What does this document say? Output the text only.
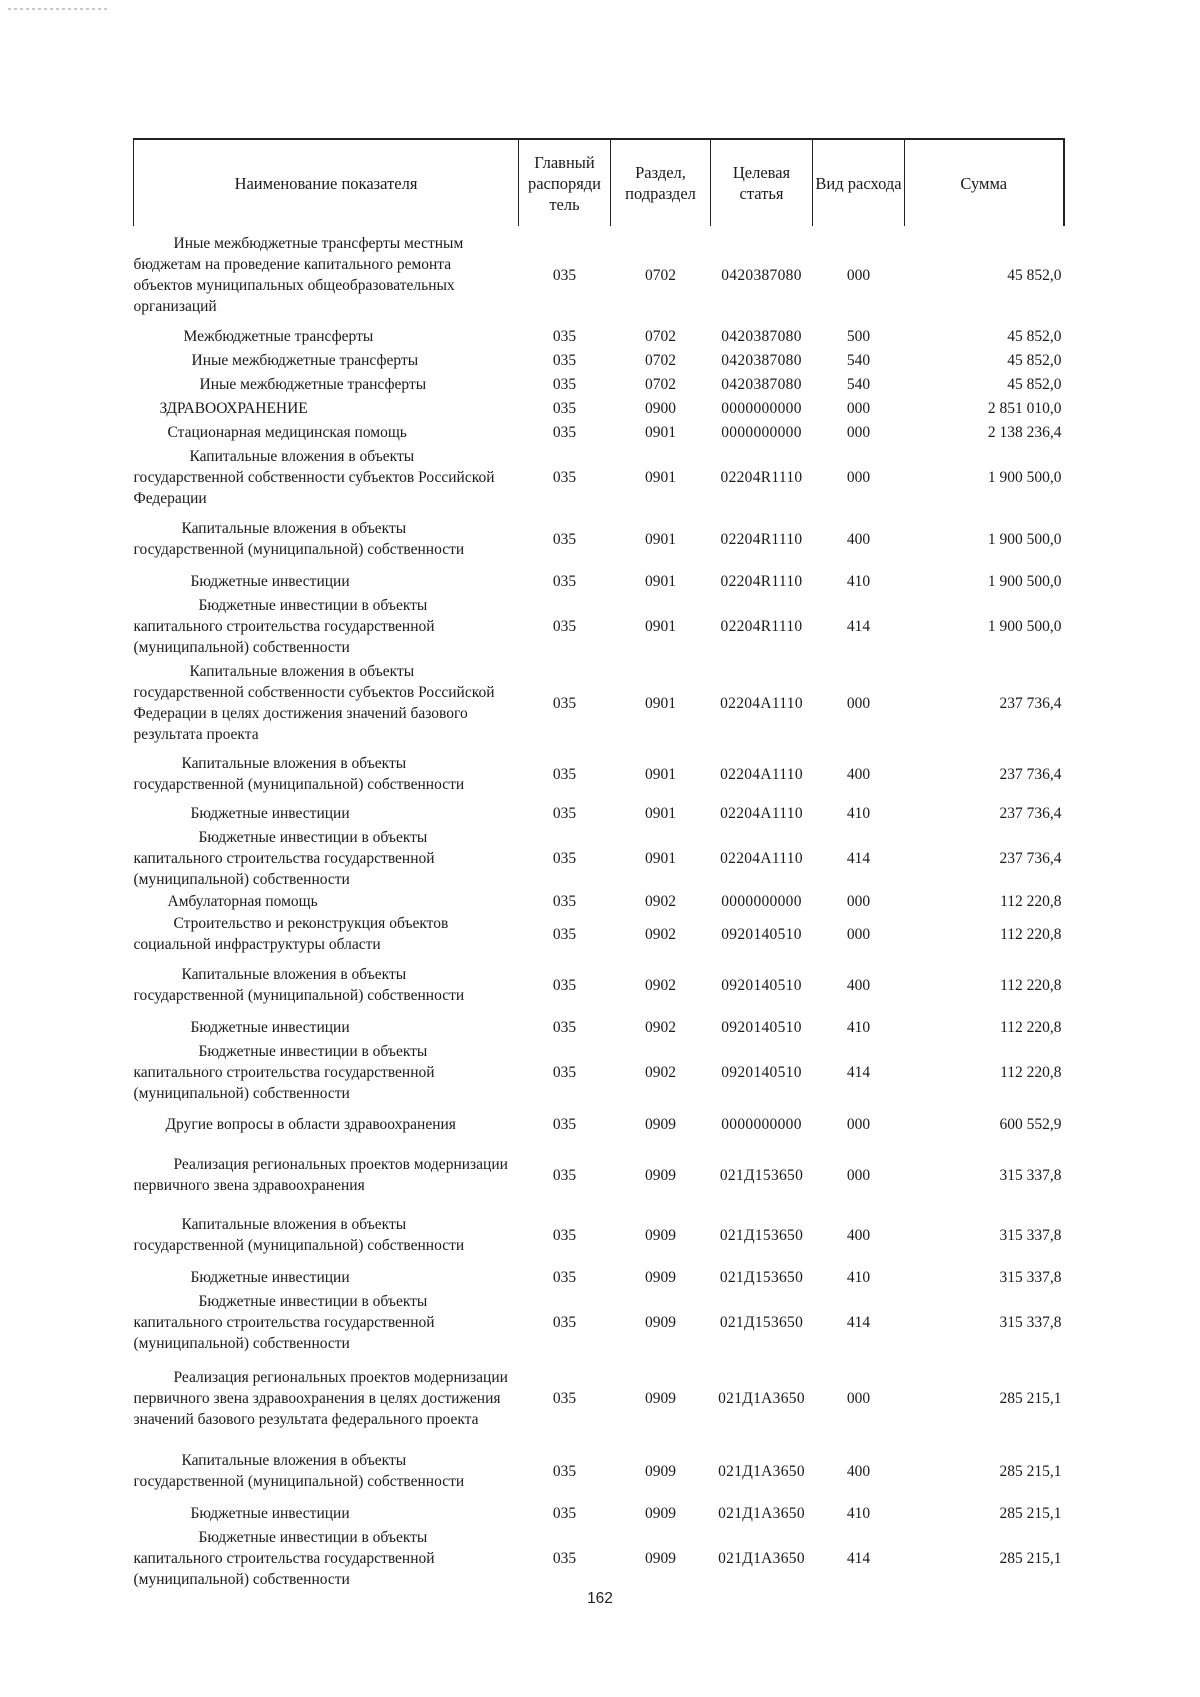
Наименование показателя	Главный распоряди тель	Раздел, подраздел	Целевая статья	Вид расхода	Сумма

Иные межбюджетные трансферты местным бюджетам на проведение капитального ремонта объектов муниципальных общеобразовательных организаций	035	0702	0420387080	000	45 852,0

Межбюджетные трансферты	035	0702	0420387080	500	45 852,0

Иные межбюджетные трансферты	035	0702	0420387080	540	45 852,0

Иные межбюджетные трансферты	035	0702	0420387080	540	45 852,0

ЗДРАВООХРАНЕНИЕ	035	0900	0000000000	000	2 851 010,0

Стационарная медицинская помощь	035	0901	0000000000	000	2 138 236,4

Капитальные вложения в объекты государственной собственности субъектов Российской Федерации	035	0901	02204R1110	000	1 900 500,0

Капитальные вложения в объекты государственной (муниципальной) собственности	035	0901	02204R1110	400	1 900 500,0

Бюджетные инвестиции	035	0901	02204R1110	410	1 900 500,0

Бюджетные инвестиции в объекты капитального строительства государственной (муниципальной) собственности	035	0901	02204R1110	414	1 900 500,0

Капитальные вложения в объекты государственной собственности субъектов Российской Федерации в целях достижения значений базового результата проекта	035	0901	02204A1110	000	237 736,4

Капитальные вложения в объекты государственной (муниципальной) собственности	035	0901	02204A1110	400	237 736,4

Бюджетные инвестиции	035	0901	02204A1110	410	237 736,4

Бюджетные инвестиции в объекты капитального строительства государственной (муниципальной) собственности	035	0901	02204A1110	414	237 736,4

Амбулаторная помощь	035	0902	0000000000	000	112 220,8

Строительство и реконструкция объектов социальной инфраструктуры области	035	0902	0920140510	000	112 220,8

Капитальные вложения в объекты государственной (муниципальной) собственности	035	0902	0920140510	400	112 220,8

Бюджетные инвестиции	035	0902	0920140510	410	112 220,8

Бюджетные инвестиции в объекты капитального строительства государственной (муниципальной) собственности	035	0902	0920140510	414	112 220,8

Другие вопросы в области здравоохранения	035	0909	0000000000	000	600 552,9

Реализация региональных проектов модернизации первичного звена здравоохранения	035	0909	021Д153650	000	315 337,8

Капитальные вложения в объекты государственной (муниципальной) собственности	035	0909	021Д153650	400	315 337,8

Бюджетные инвестиции	035	0909	021Д153650	410	315 337,8

Бюджетные инвестиции в объекты капитального строительства государственной (муниципальной) собственности	035	0909	021Д153650	414	315 337,8

Реализация региональных проектов модернизации первичного звена здравоохранения в целях достижения значений базового результата федерального проекта	035	0909	021Д1А3650	000	285 215,1

Капитальные вложения в объекты государственной (муниципальной) собственности	035	0909	021Д1А3650	400	285 215,1

Бюджетные инвестиции	035	0909	021Д1А3650	410	285 215,1

Бюджетные инвестиции в объекты капитального строительства государственной (муниципальной) собственности	035	0909	021Д1А3650	414	285 215,1
162
